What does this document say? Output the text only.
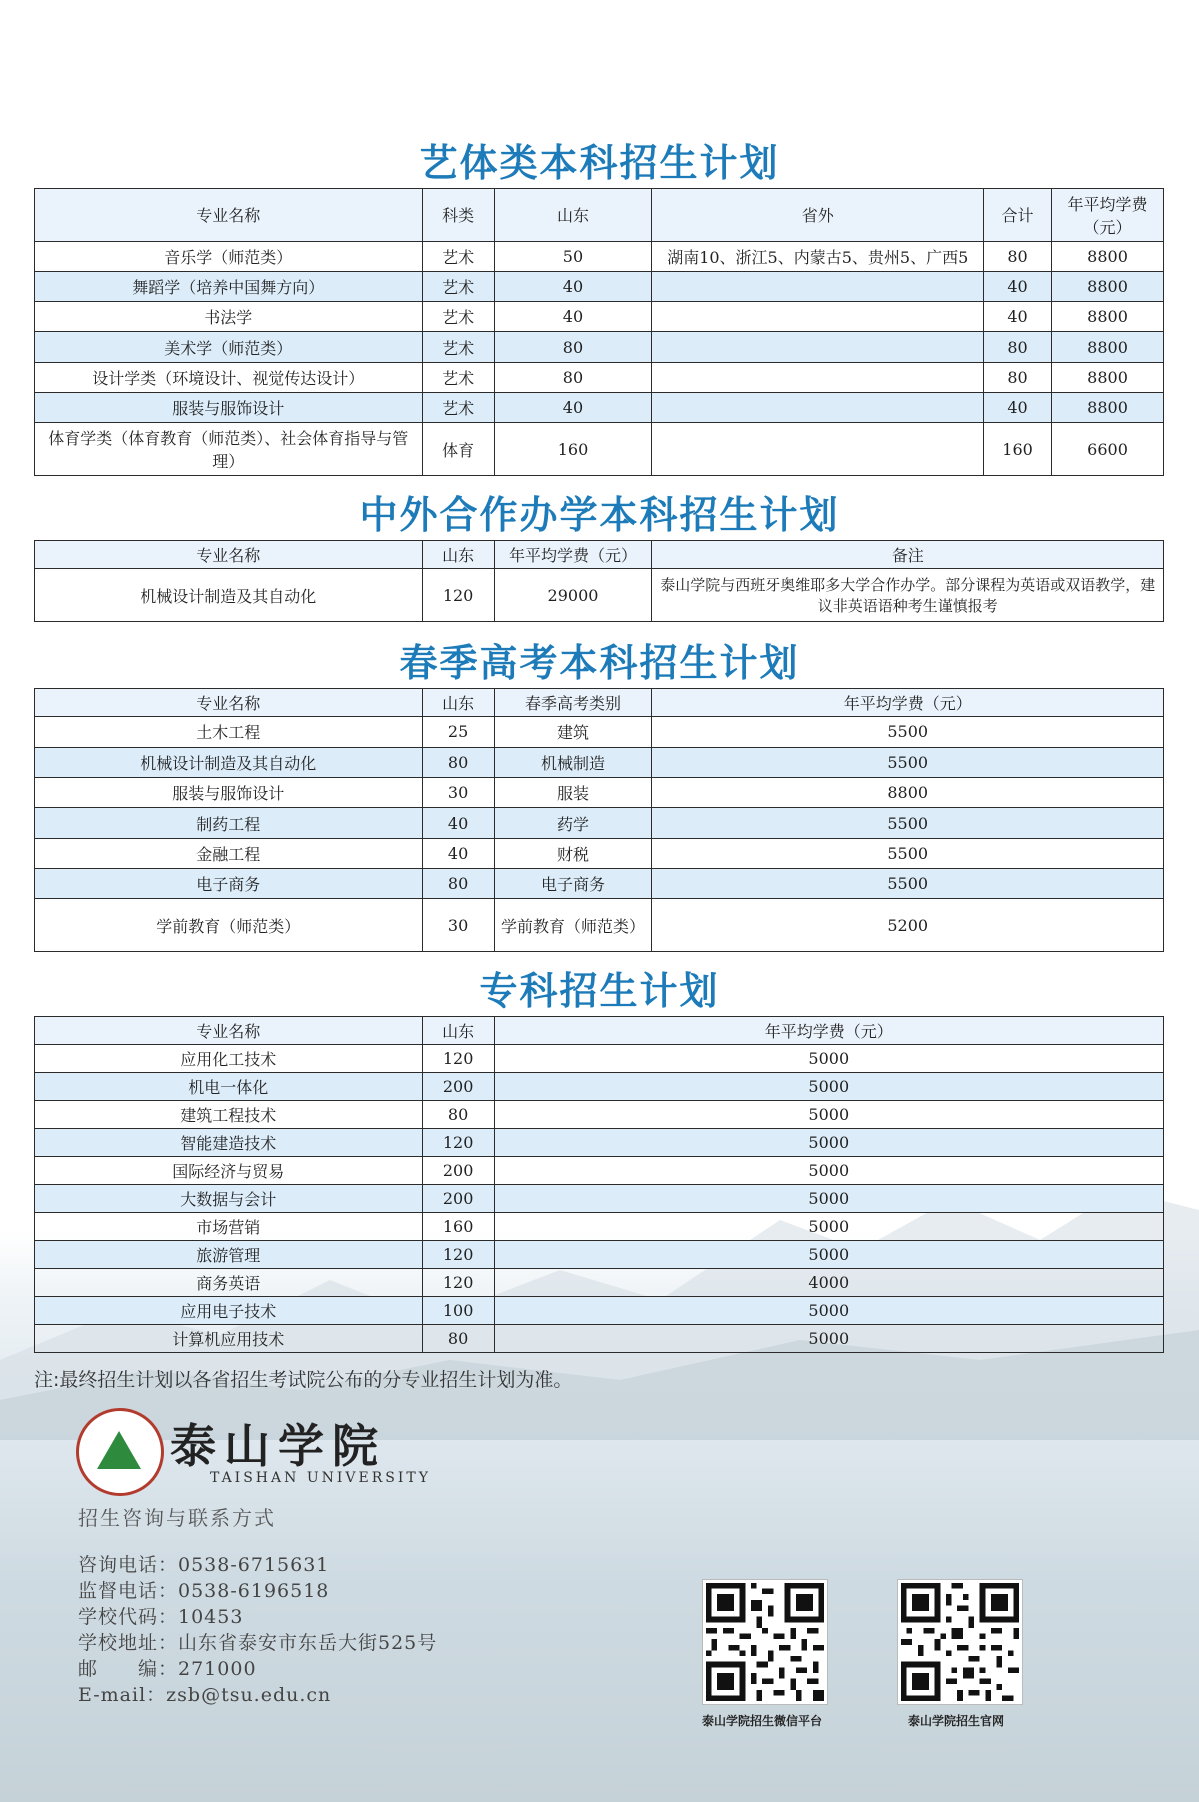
艺体类本科招生计划
专业名称	科类	山东	省外	合计	年平均学费（元）
音乐学（师范类）	艺术	50	湖南10、浙江5、内蒙古5、贵州5、广西5	80	8800
舞蹈学（培养中国舞方向）	艺术	40		40	8800
书法学	艺术	40		40	8800
美术学（师范类）	艺术	80		80	8800
设计学类（环境设计、视觉传达设计）	艺术	80		80	8800
服装与服饰设计	艺术	40		40	8800
体育学类（体育教育（师范类）、社会体育指导与管理）	体育	160		160	6600
中外合作办学本科招生计划
专业名称	山东	年平均学费（元）	备注
机械设计制造及其自动化	120	29000	泰山学院与西班牙奥维耶多大学合作办学。部分课程为英语或双语教学，建议非英语语种考生谨慎报考
春季高考本科招生计划
专业名称	山东	春季高考类别	年平均学费（元）
土木工程	25	建筑	5500
机械设计制造及其自动化	80	机械制造	5500
服装与服饰设计	30	服装	8800
制药工程	40	药学	5500
金融工程	40	财税	5500
电子商务	80	电子商务	5500
学前教育（师范类）	30	学前教育（师范类）	5200
专科招生计划
专业名称	山东	年平均学费（元）
应用化工技术	120	5000
机电一体化	200	5000
建筑工程技术	80	5000
智能建造技术	120	5000
国际经济与贸易	200	5000
大数据与会计	200	5000
市场营销	160	5000
旅游管理	120	5000
商务英语	120	4000
应用电子技术	100	5000
计算机应用技术	80	5000
注:最终招生计划以各省招生考试院公布的分专业招生计划为准。
泰山学院
TAISHAN UNIVERSITY
招生咨询与联系方式
咨询电话：0538-6715631
监督电话：0538-6196518
学校代码：10453
学校地址：山东省泰安市东岳大街525号
邮　　编：271000
E-mail：zsb@tsu.edu.cn
泰山学院招生微信平台	泰山学院招生官网
